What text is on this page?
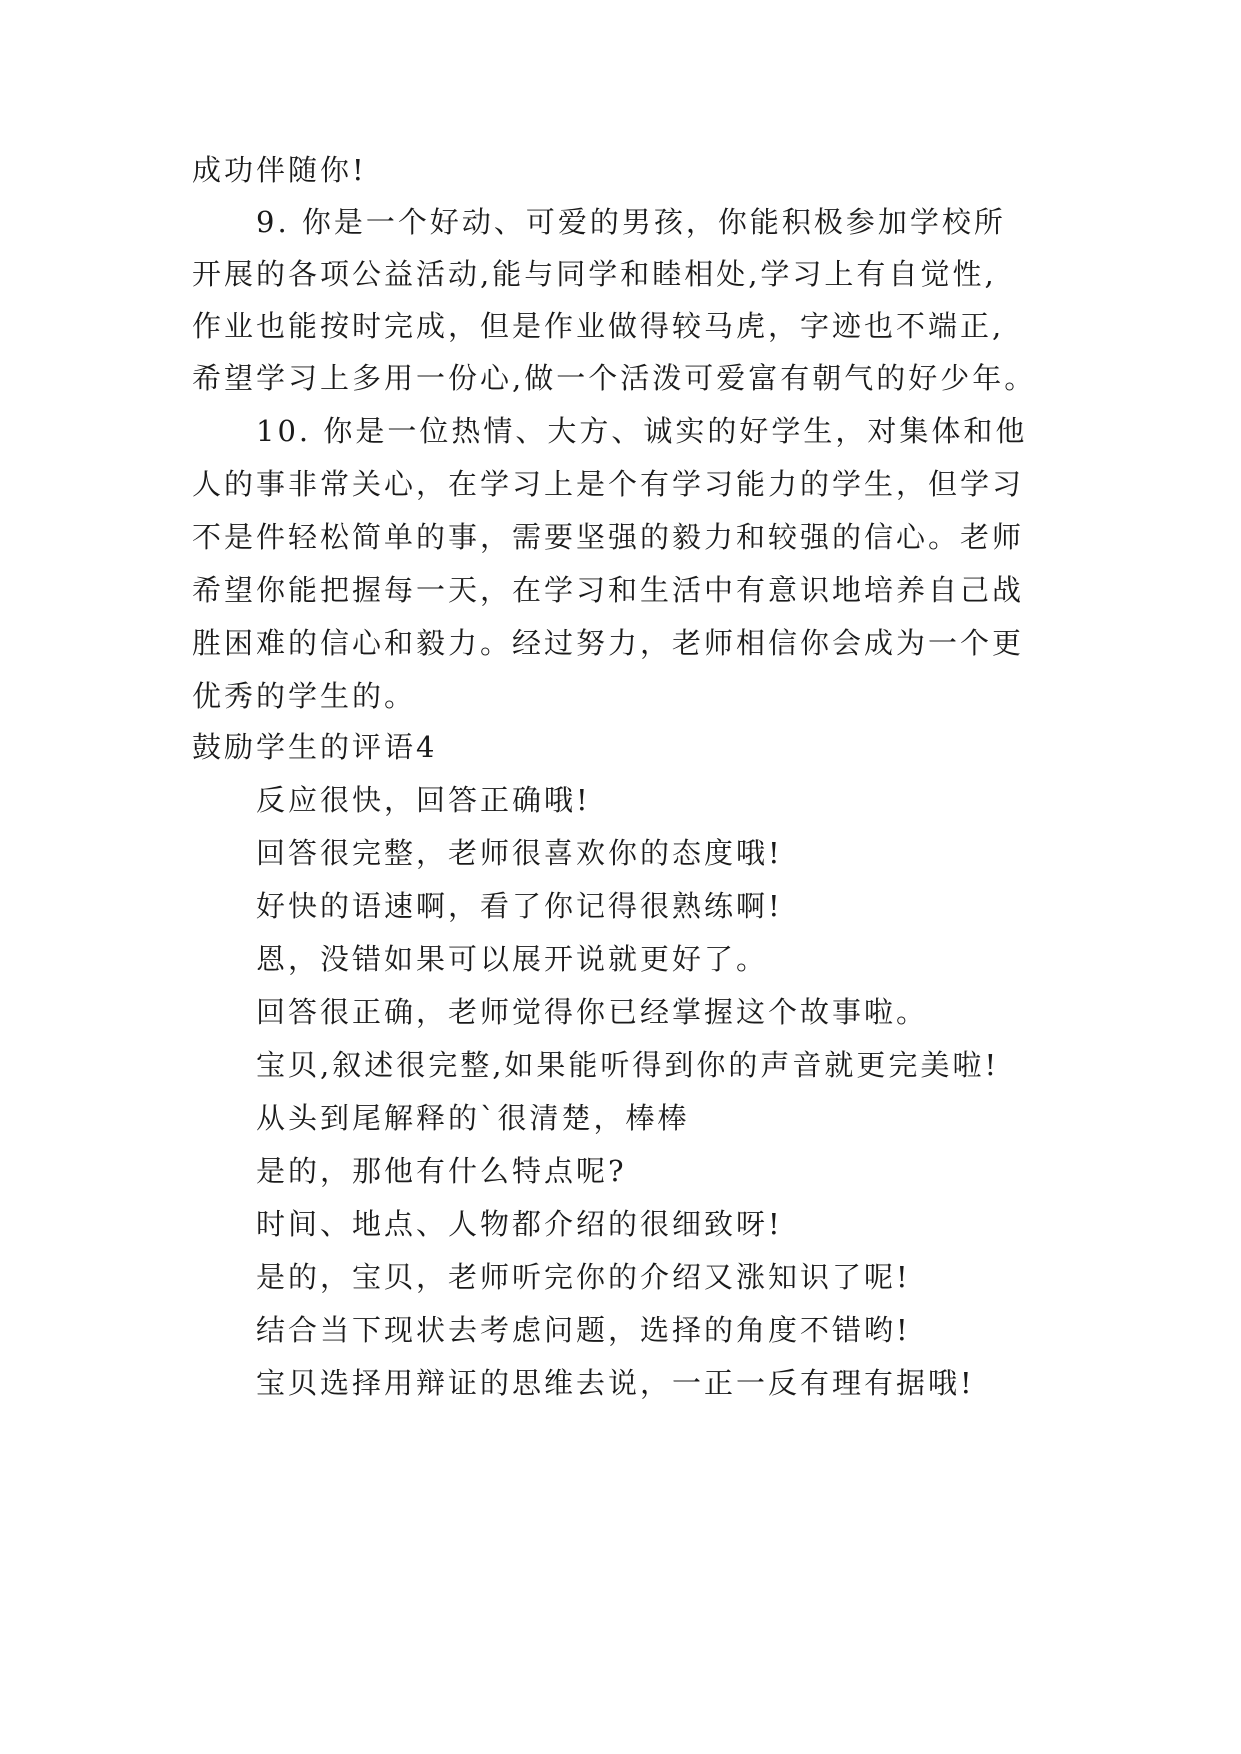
成功伴随你!
9. 你是一个好动、可爱的男孩，你能积极参加学校所
开展的各项公益活动,能与同学和睦相处,学习上有自觉性,
作业也能按时完成，但是作业做得较马虎，字迹也不端正,
希望学习上多用一份心,做一个活泼可爱富有朝气的好少年。
10. 你是一位热情、大方、诚实的好学生，对集体和他
人的事非常关心，在学习上是个有学习能力的学生，但学习
不是件轻松简单的事，需要坚强的毅力和较强的信心。老师
希望你能把握每一天，在学习和生活中有意识地培养自己战
胜困难的信心和毅力。经过努力，老师相信你会成为一个更
优秀的学生的。
鼓励学生的评语4
反应很快，回答正确哦!
回答很完整，老师很喜欢你的态度哦!
好快的语速啊，看了你记得很熟练啊!
恩，没错如果可以展开说就更好了。
回答很正确，老师觉得你已经掌握这个故事啦。
宝贝,叙述很完整,如果能听得到你的声音就更完美啦!
从头到尾解释的`很清楚，棒棒
是的，那他有什么特点呢?
时间、地点、人物都介绍的很细致呀!
是的，宝贝，老师听完你的介绍又涨知识了呢!
结合当下现状去考虑问题，选择的角度不错哟!
宝贝选择用辩证的思维去说，一正一反有理有据哦!
